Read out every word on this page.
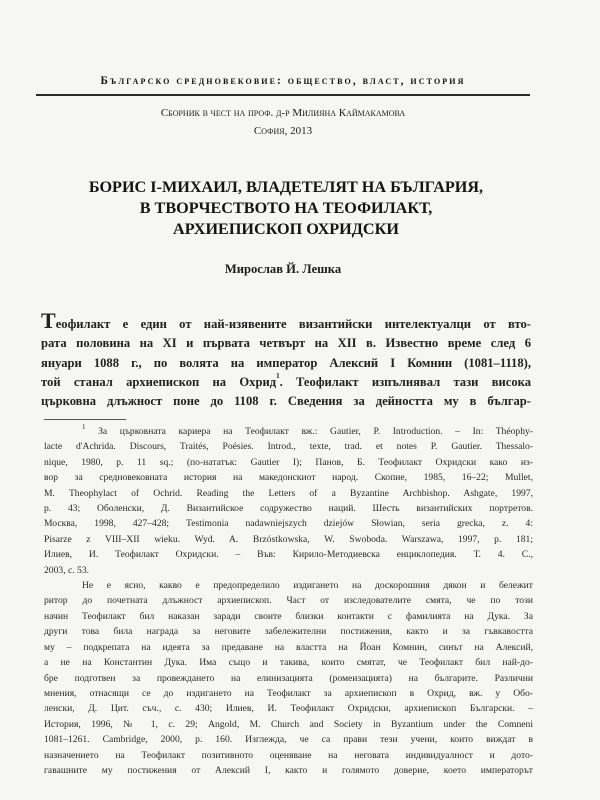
Българско средновековие: общество, власт, история
Сборник в чест на проф. д-р Милияна Каймакамова
София, 2013
БОРИС I-МИХАИЛ, ВЛАДЕТЕЛЯТ НА БЪЛГАРИЯ,
В ТВОРЧЕСТВОТО НА ТЕОФИЛАКТ,
АРХИЕПИСКОП ОХРИДСКИ
Мирослав Й. Лешка
Теофилакт е един от най-изявените византийски интелектуалци от вто-
рата половина на XI и първата четвърт на XII в. Известно време след 6
януари 1088 г., по волята на император Алексий I Комнин (1081–1118),
той станал архиепископ на Охрид$^1$. Теофилакт изпълнявал тази висока
църковна длъжност поне до 1108 г. Сведения за дейността му в българ-
$^1$ За църковната кариера на Теофилакт вж.: Gautier, P. Introduction. – In: Théophy-
lacte d'Achrida. Discours, Traités, Poésies. Introd., texte, trad. et notes P. Gautier. Thessalo-
nique, 1980, p. 11 sq.; (по-нататък: Gautier I); Панов, Б. Теофилакт Охридски како из-
вор за средновековната история на македонскиот народ. Скопие, 1985, 16–22; Mullet,
M. Theophylact of Ochrid. Reading the Letters of a Byzantine Archbishop. Ashgate, 1997,
p. 43; Оболенски, Д. Византийское содружество наций. Шесть византийских портретов.
Москва, 1998, 427–428; Testimonia nadawniejszych dziejów Słowian, seria grecka, z. 4:
Pisarze z VIII–XII wieku. Wyd. A. Brzóstkowska, W. Swoboda. Warszawa, 1997, p. 181;
Илиев, И. Теофилакт Охридски. – Във: Кирило-Методиевска енциклопедия. Т. 4. С.,
2003, с. 53.
Не е ясно, какво е предопределило издигането на доскорошния дякон и бележит
ритор до почетната длъжност архиепископ. Част от изследователите смята, че по този
начин Теофилакт бил наказан заради своите близки контакти с фамилията на Дука. За
други това била награда за неговите забележителни постижения, както и за гъвкавостта
му – подкрепата на идеята за предаване на властта на Йоан Комнин, синът на Алексий,
а не на Константин Дука. Има също и такива, които смятат, че Теофилакт бил най-до-
бре подготвен за провеждането на елинизацията (ромеизацията) на българите. Различни
мнения, отнасящи се до издигането на Теофилакт за архиепископ в Охрид, вж. у Обо-
ленски, Д. Цит. съч., с. 430; Илиев, И. Теофилакт Охридски, архиепископ Български. –
История, 1996, № 1, с. 29; Angold, M. Church and Society in Byzantium under the Comneni
1081–1261. Cambridge, 2000, p. 160. Изглежда, че са прави тези учени, които виждат в
назначението на Теофилакт позитивното оценяване на неговата индивидуалност и дото-
гавашните му постижения от Алексий I, както и голямото доверие, което императорът
